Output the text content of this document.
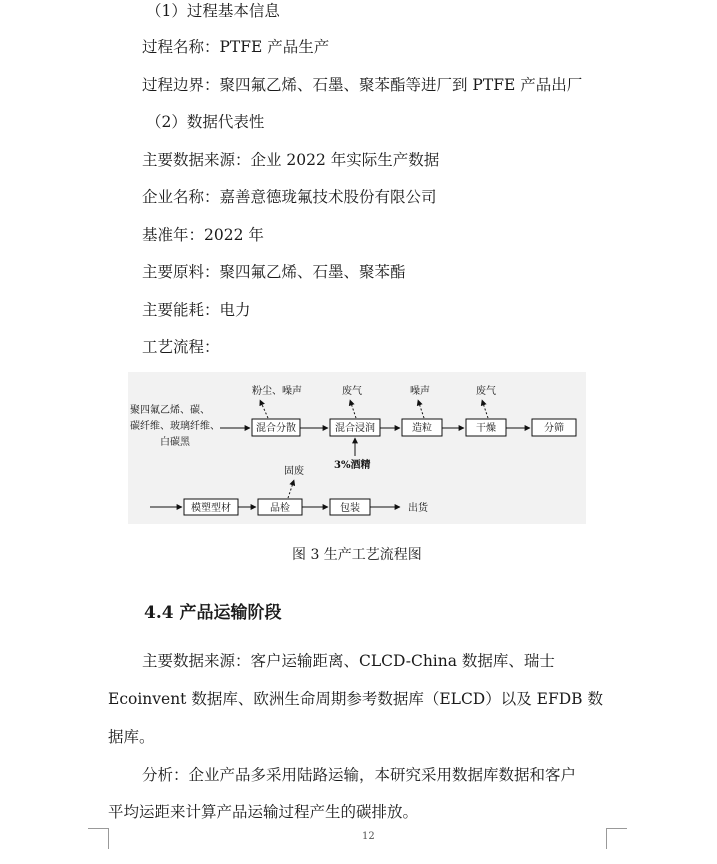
（1）过程基本信息
过程名称：PTFE 产品生产
过程边界：聚四氟乙烯、石墨、聚苯酯等进厂到 PTFE 产品出厂
（2）数据代表性
主要数据来源：企业 2022 年实际生产数据
企业名称：嘉善意德珑氟技术股份有限公司
基准年：2022 年
主要原料：聚四氟乙烯、石墨、聚苯酯
主要能耗：电力
工艺流程：
聚四氟乙烯、碳、
碳纤维、玻璃纤维、
白碳黑
混合分散	混合浸润	造粒	干燥	分筛
粉尘、噪声	废气	噪声	废气
3%酒精
模塑型材	品检	包装	出货
固废
图 3 生产工艺流程图
4.4 产品运输阶段
主要数据来源：客户运输距离、CLCD-China 数据库、瑞士
Ecoinvent 数据库、欧洲生命周期参考数据库（ELCD）以及 EFDB 数
据库。
分析：企业产品多采用陆路运输，本研究采用数据库数据和客户
平均运距来计算产品运输过程产生的碳排放。
12
